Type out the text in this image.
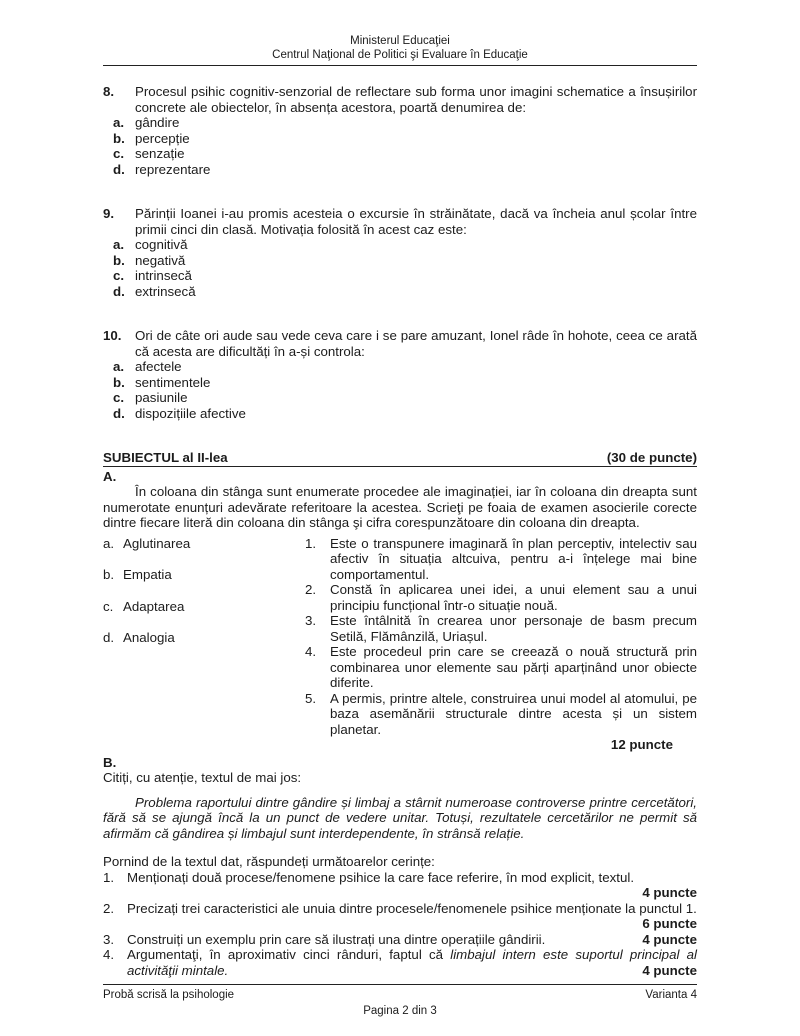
Ministerul Educaţiei
Centrul Naţional de Politici şi Evaluare în Educaţie
8.	Procesul psihic cognitiv-senzorial de reflectare sub forma unor imagini schematice a însușirilor concrete ale obiectelor, în absența acestora, poartă denumirea de:

a. gândire
b. percepție
c. senzație
d. reprezentare
9.	Părinții Ioanei i-au promis acesteia o excursie în străinătate, dacă va încheia anul școlar între primii cinci din clasă. Motivația folosită în acest caz este:

a. cognitivă
b. negativă
c. intrinsecă
d. extrinsecă
10.	Ori de câte ori aude sau vede ceva care i se pare amuzant, Ionel râde în hohote, ceea ce arată că acesta are dificultăți în a-și controla:

a. afectele
b. sentimentele
c. pasiunile
d. dispozițiile afective
SUBIECTUL al II-lea	(30 de puncte)
A.

În coloana din stânga sunt enumerate procedee ale imaginației, iar în coloana din dreapta sunt numerotate enunțuri adevărate referitoare la acestea. Scrieţi pe foaia de examen asocierile corecte dintre fiecare literă din coloana din stânga şi cifra corespunzătoare din coloana din dreapta.

a. Aglutinarea
b. Empatia
c. Adaptarea
d. Analogia
1.	Este o transpunere imaginară în plan perceptiv, intelectiv sau afectiv în situația altcuiva, pentru a-i înțelege mai bine comportamentul.

2.	Constă în aplicarea unei idei, a unui element sau a unui principiu funcțional într-o situație nouă.

3.	Este întâlnită în crearea unor personaje de basm precum Setilă, Flămânzilă, Uriașul.

4.	Este procedeul prin care se creează o nouă structură prin combinarea unor elemente sau părți aparținând unor obiecte diferite.

5.	A permis, printre altele, construirea unui model al atomului, pe baza asemănării structurale dintre acesta și un sistem planetar.

12 puncte
B.
Citiți, cu atenție, textul de mai jos:

Problema raportului dintre gândire și limbaj a stârnit numeroase controverse printre cercetători, fără să se ajungă încă la un punct de vedere unitar. Totuși, rezultatele cercetărilor ne permit să afirmăm că gândirea și limbajul sunt interdependente, în strânsă relație.

Pornind de la textul dat, răspundeți următoarelor cerințe:
1. Menționați două procese/fenomene psihice la care face referire, în mod explicit, textul.

4 puncte
2. Precizați trei caracteristici ale unuia dintre procesele/fenomenele psihice menționate la punctul 1.

6 puncte
3. Construiți un exemplu prin care să ilustrați una dintre operațiile gândirii.	4 puncte

4. Argumentaţi, în aproximativ cinci rânduri, faptul că limbajul intern este suportul principal al activităţii mintale.	4 puncte

Probă scrisă la psihologie	Varianta 4
Pagina 2 din 3
